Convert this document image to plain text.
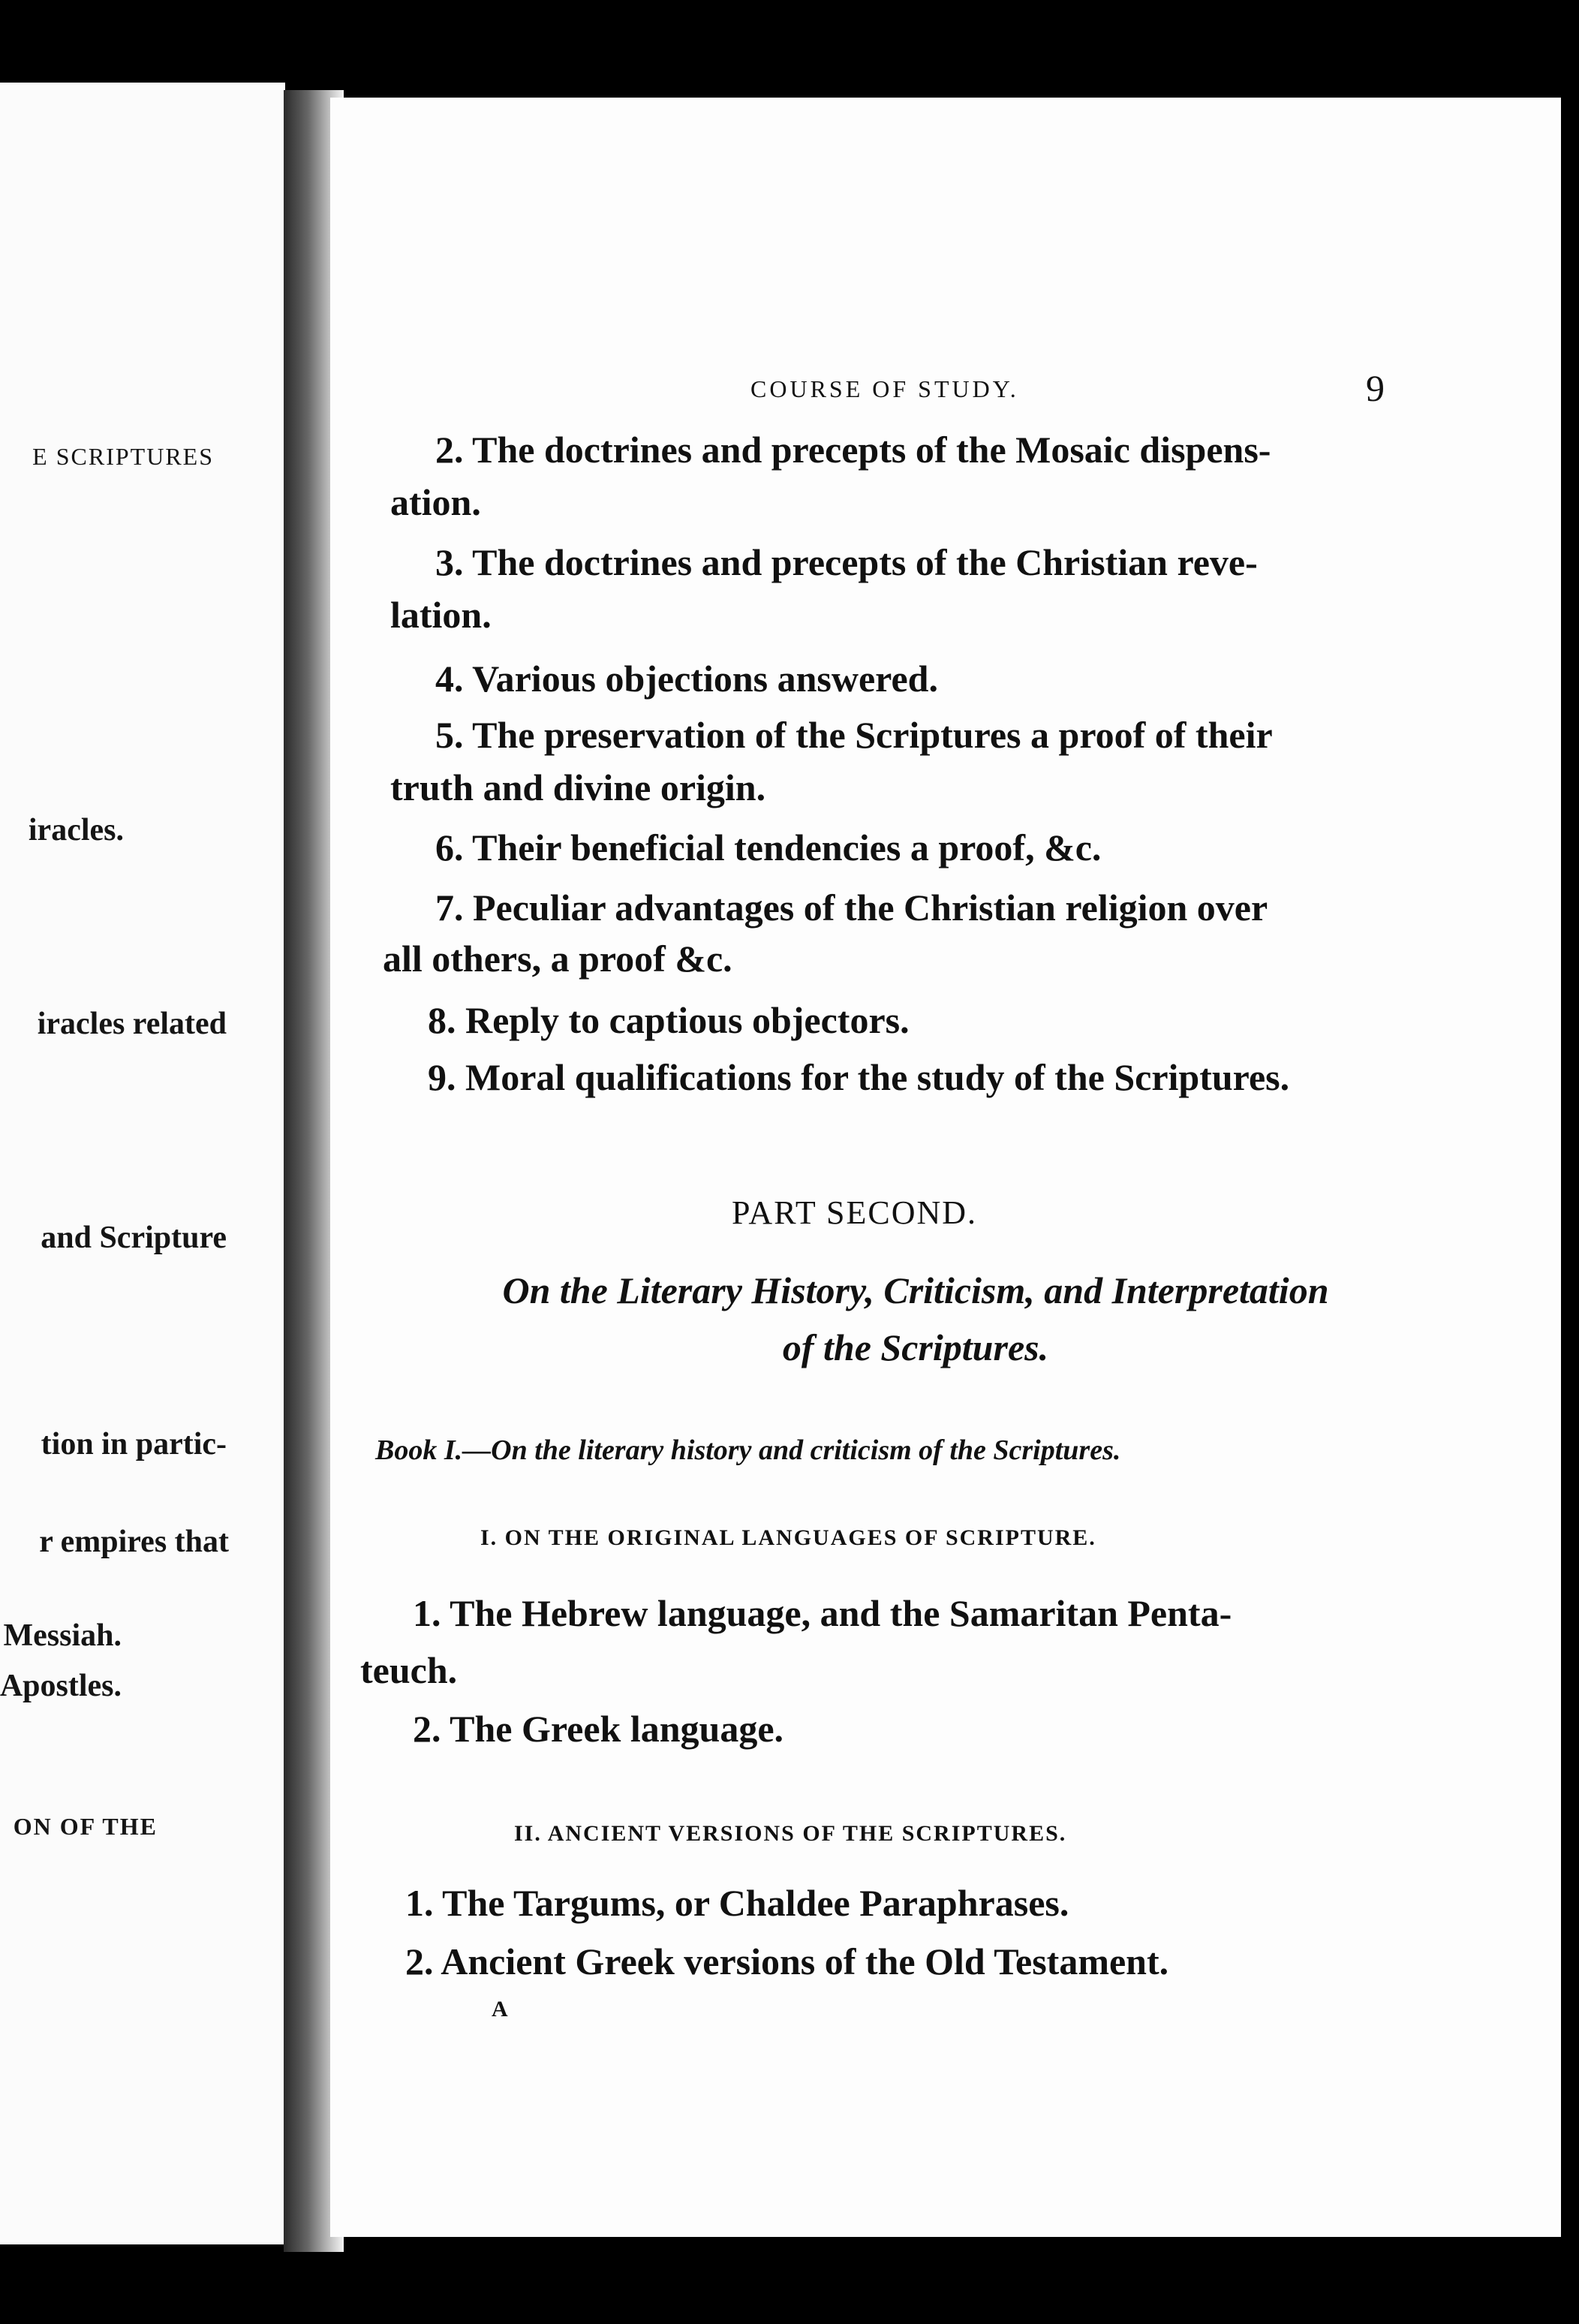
E SCRIPTURES
iracles.
iracles related
and Scripture
tion in partic-
r empires that
Messiah.
Apostles.
ON OF THE
COURSE OF STUDY.	9
2. The doctrines and precepts of the Mosaic dispens-
ation.
3. The doctrines and precepts of the Christian reve-
lation.
4. Various objections answered.
5. The preservation of the Scriptures a proof of their
truth and divine origin.
6. Their beneficial tendencies a proof, &c.
7. Peculiar advantages of the Christian religion over
all others, a proof &c.
8. Reply to captious objectors.
9. Moral qualifications for the study of the Scriptures.
PART SECOND.
On the Literary History, Criticism, and Interpretation
of the Scriptures.
Book I.—On the literary history and criticism of the Scriptures.
I. ON THE ORIGINAL LANGUAGES OF SCRIPTURE.
1. The Hebrew language, and the Samaritan Penta-
teuch.
2. The Greek language.
II. ANCIENT VERSIONS OF THE SCRIPTURES.
1. The Targums, or Chaldee Paraphrases.
2. Ancient Greek versions of the Old Testament.
A
